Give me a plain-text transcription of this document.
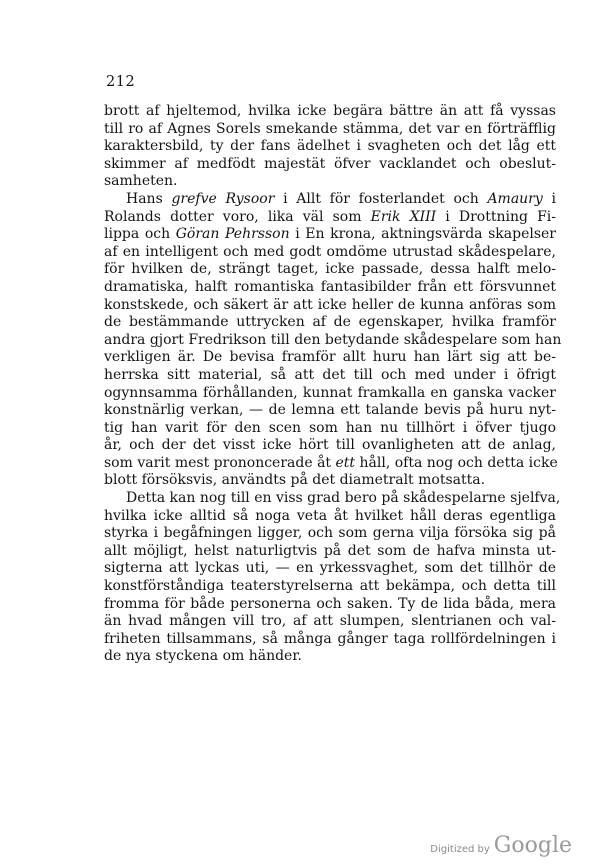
212
brott af hjeltemod, hvilka icke begära bättre än att få vyssas
till ro af Agnes Sorels smekande stämma, det var en förträfflig
karaktersbild, ty der fans ädelhet i svagheten och det låg ett
skimmer af medfödt majestät öfver vacklandet och obeslut-
samheten.
Hans grefve Rysoor i Allt för fosterlandet och Amaury i
Rolands dotter voro, lika väl som Erik XIII i Drottning Fi-
lippa och Göran Pehrsson i En krona, aktningsvärda skapelser
af en intelligent och med godt omdöme utrustad skådespelare,
för hvilken de, strängt taget, icke passade, dessa halft melo-
dramatiska, halft romantiska fantasibilder från ett försvunnet
konstskede, och säkert är att icke heller de kunna anföras som
de bestämmande uttrycken af de egenskaper, hvilka framför
andra gjort Fredrikson till den betydande skådespelare som han
verkligen är. De bevisa framför allt huru han lärt sig att be-
herrska sitt material, så att det till och med under i öfrigt
ogynnsamma förhållanden, kunnat framkalla en ganska vacker
konstnärlig verkan, — de lemna ett talande bevis på huru nyt-
tig han varit för den scen som han nu tillhört i öfver tjugo
år, och der det visst icke hört till ovanligheten att de anlag,
som varit mest prononcerade åt ett håll, ofta nog och detta icke
blott försöksvis, användts på det diametralt motsatta.
Detta kan nog till en viss grad bero på skådespelarne sjelfva,
hvilka icke alltid så noga veta åt hvilket håll deras egentliga
styrka i begåfningen ligger, och som gerna vilja försöka sig på
allt möjligt, helst naturligtvis på det som de hafva minsta ut-
sigterna att lyckas uti, — en yrkessvaghet, som det tillhör de
konstförståndiga teaterstyrelserna att bekämpa, och detta till
fromma för både personerna och saken. Ty de lida båda, mera
än hvad mången vill tro, af att slumpen, slentrianen och val-
friheten tillsammans, så många gånger taga rollfördelningen i
de nya styckena om händer.
Digitized by Google
